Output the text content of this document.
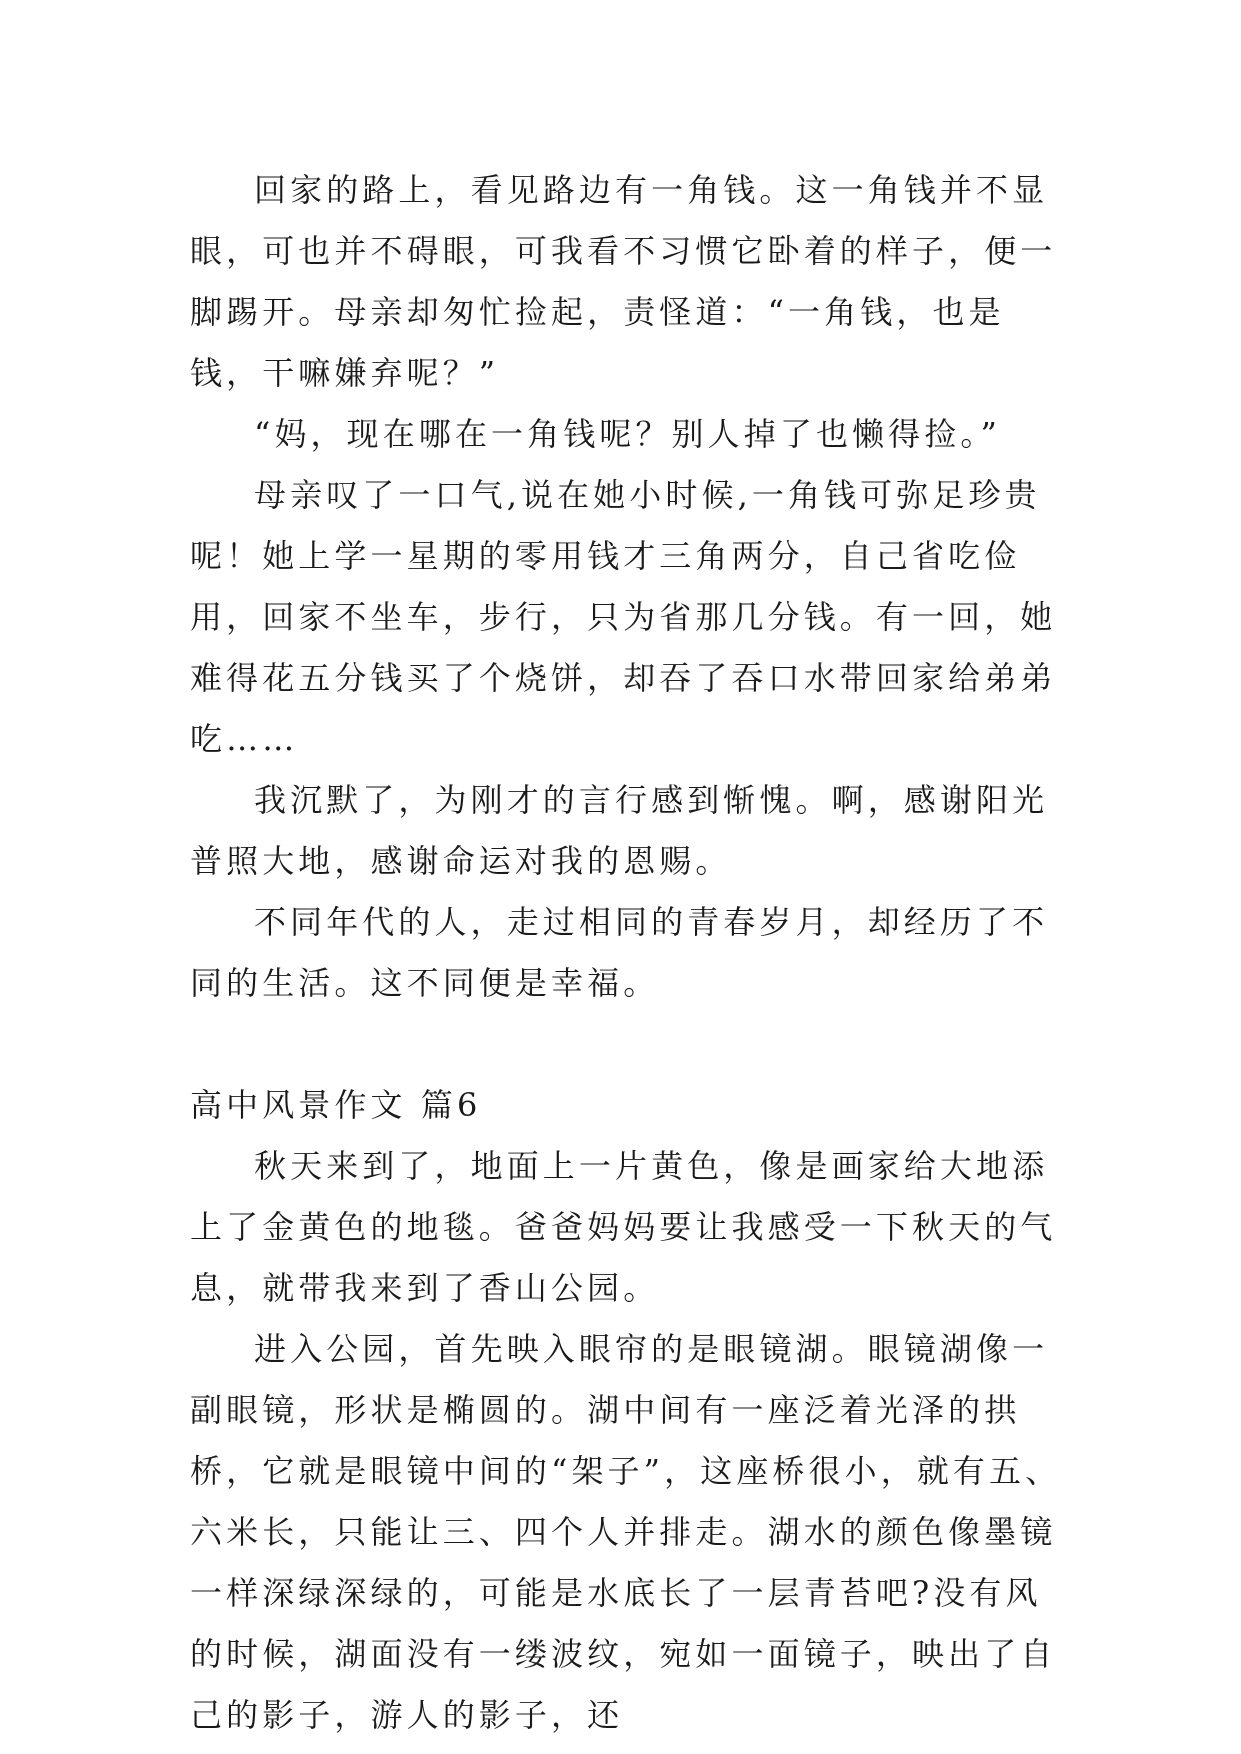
回家的路上，看见路边有一角钱。这一角钱并不显眼，可也并不碍眼，可我看不习惯它卧着的样子，便一脚踢开。母亲却匆忙捡起，责怪道：“一角钱，也是钱，干嘛嫌弃呢？”

“妈，现在哪在一角钱呢？别人掉了也懒得捡。”

母亲叹了一口气,说在她小时候,一角钱可弥足珍贵呢！她上学一星期的零用钱才三角两分，自己省吃俭用，回家不坐车，步行，只为省那几分钱。有一回，她难得花五分钱买了个烧饼，却吞了吞口水带回家给弟弟吃……

我沉默了，为刚才的言行感到惭愧。啊，感谢阳光普照大地，感谢命运对我的恩赐。

不同年代的人，走过相同的青春岁月，却经历了不同的生活。这不同便是幸福。

高中风景作文 篇6

秋天来到了，地面上一片黄色，像是画家给大地添上了金黄色的地毯。爸爸妈妈要让我感受一下秋天的气息，就带我来到了香山公园。

进入公园，首先映入眼帘的是眼镜湖。眼镜湖像一副眼镜，形状是椭圆的。湖中间有一座泛着光泽的拱桥，它就是眼镜中间的“架子”，这座桥很小，就有五、六米长，只能让三、四个人并排走。湖水的颜色像墨镜一样深绿深绿的，可能是水底长了一层青苔吧?没有风的时候，湖面没有一缕波纹，宛如一面镜子，映出了自己的影子，游人的影子，还
